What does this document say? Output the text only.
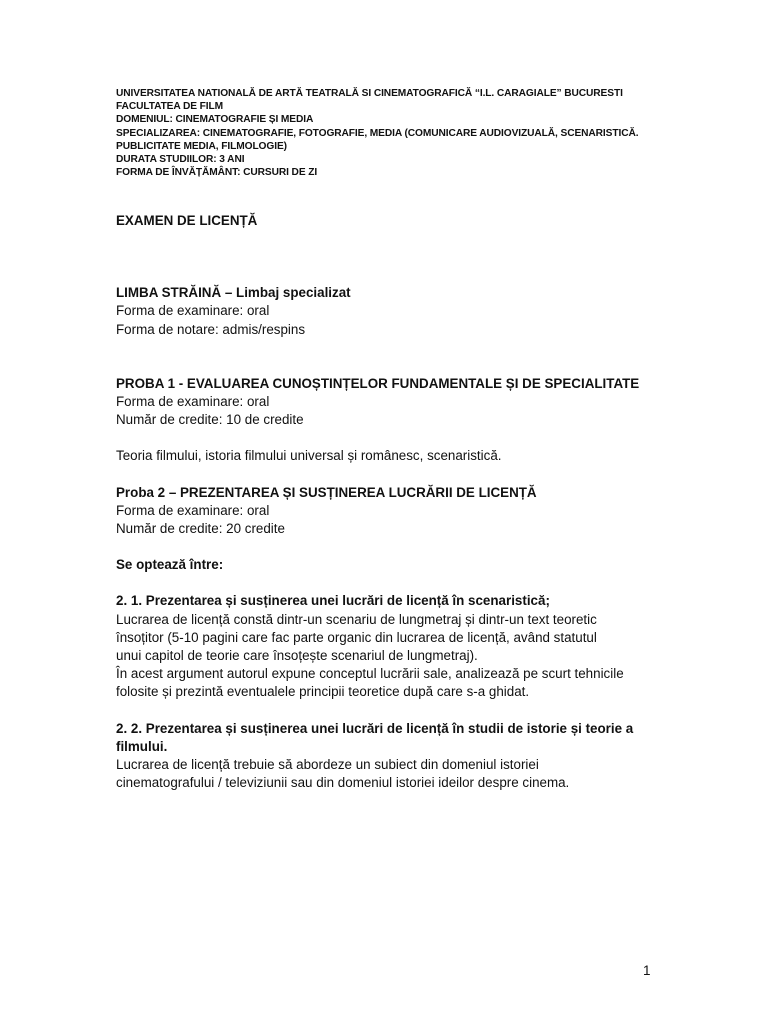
UNIVERSITATEA NATIONALĂ DE ARTĂ TEATRALĂ SI CINEMATOGRAFICĂ “I.L. CARAGIALE” BUCURESTI
FACULTATEA DE FILM
DOMENIUL: CINEMATOGRAFIE ȘI MEDIA
SPECIALIZAREA: CINEMATOGRAFIE, FOTOGRAFIE, MEDIA (COMUNICARE AUDIOVIZUALĂ, SCENARISTICĂ.
PUBLICITATE MEDIA, FILMOLOGIE)
DURATA STUDIILOR: 3 ANI
FORMA DE ÎNVĂȚĂMÂNT: CURSURI DE ZI
EXAMEN DE LICENȚĂ
LIMBA STRĂINĂ – Limbaj specializat
Forma de examinare: oral
Forma de notare: admis/respins
PROBA 1 - EVALUAREA CUNOȘTINȚELOR FUNDAMENTALE ȘI DE SPECIALITATE
Forma de examinare: oral
Număr de credite: 10 de credite
Teoria filmului, istoria filmului universal și românesc, scenaristică.
Proba 2 – PREZENTAREA ȘI SUSȚINEREA LUCRĂRII DE LICENȚĂ
Forma de examinare: oral
Număr de credite: 20 credite
Se optează între:
2. 1. Prezentarea și susținerea unei lucrări de licență în scenaristică;
Lucrarea de licență constă dintr-un scenariu de lungmetraj și dintr-un text teoretic
însoțitor (5-10 pagini care fac parte organic din lucrarea de licență, având statutul
unui capitol de teorie care însoțește scenariul de lungmetraj).
În acest argument autorul expune conceptul lucrării sale, analizează pe scurt tehnicile
folosite și prezintă eventualele principii teoretice după care s-a ghidat.
2. 2. Prezentarea și susținerea unei lucrări de licență în studii de istorie și teorie a
filmului.
Lucrarea de licență trebuie să abordeze un subiect din domeniul istoriei
cinematografului / televiziunii sau din domeniul istoriei ideilor despre cinema.
1
